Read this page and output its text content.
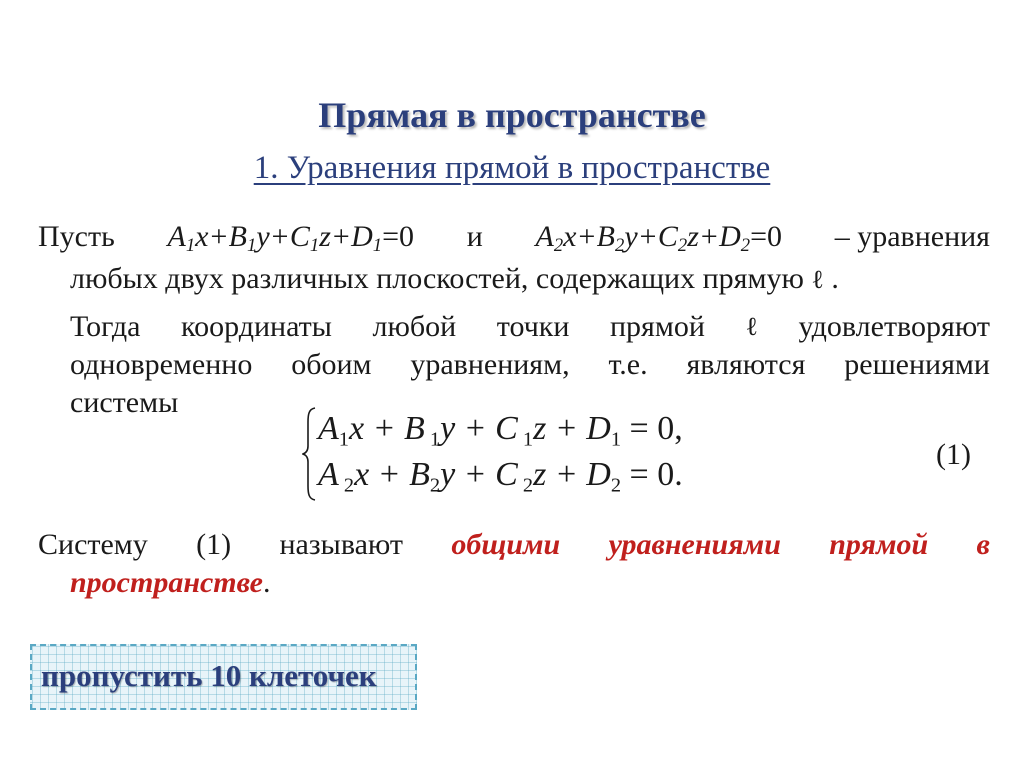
Прямая в пространстве
1. Уравнения прямой в пространстве
Пусть $A_1x+B_1y+C_1z+D_1=0$ и $A_2x+B_2y+C_2z+D_2=0$ – уравнения
любых двух различных плоскостей, содержащих прямую ℓ .
Тогда координаты любой точки прямой ℓ удовлетворяют
одновременно обоим уравнениям, т.е. являются решениями
системы
$A_1x + B$ $_1$y + C $_1z + D_1 = 0$,
A $_2x + B_2y + C$ $_2z + D_2 = 0$.
(1)
Системy (1) называют общими уравнениями прямой в
пространстве.
пропустить 10 клеточек
